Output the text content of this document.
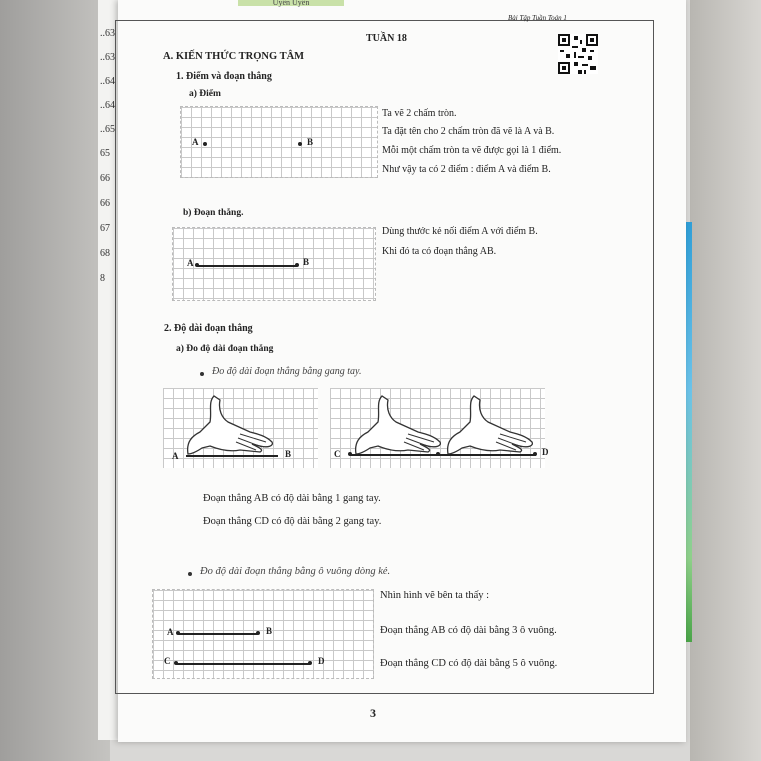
..63
..63
..64
..64
..65
65
66
66
67
68
8
Uyên Uyên
Bài Tập Tuần Toán 1
TUẦN 18
A. KIẾN THỨC TRỌNG TÂM
1. Điểm và đoạn thẳng
a) Điểm
A	B
Ta vẽ 2 chấm tròn.
Ta đặt tên cho 2 chấm tròn đã vẽ là A và B.
Mỗi một chấm tròn ta vẽ được gọi là 1 điểm.
Như vậy ta có 2 điểm : điểm A và điểm B.
b) Đoạn thẳng.
A	B
Dùng thước kẻ nối điểm A với điểm B.
Khi đó ta có đoạn thẳng AB.
2. Độ dài đoạn thẳng
a) Đo độ dài đoạn thẳng
Đo độ dài đoạn thẳng bằng gang tay.
A	B	C	D
Đoạn thẳng AB có độ dài bằng 1 gang tay.
Đoạn thẳng CD có độ dài bằng 2 gang tay.
Đo độ dài đoạn thẳng bằng ô vuông dòng kẻ.
A	B
C	D
Nhìn hình vẽ bên ta thấy :
Đoạn thẳng AB có độ dài bằng 3 ô vuông.
Đoạn thẳng CD có độ dài bằng 5 ô vuông.
3
